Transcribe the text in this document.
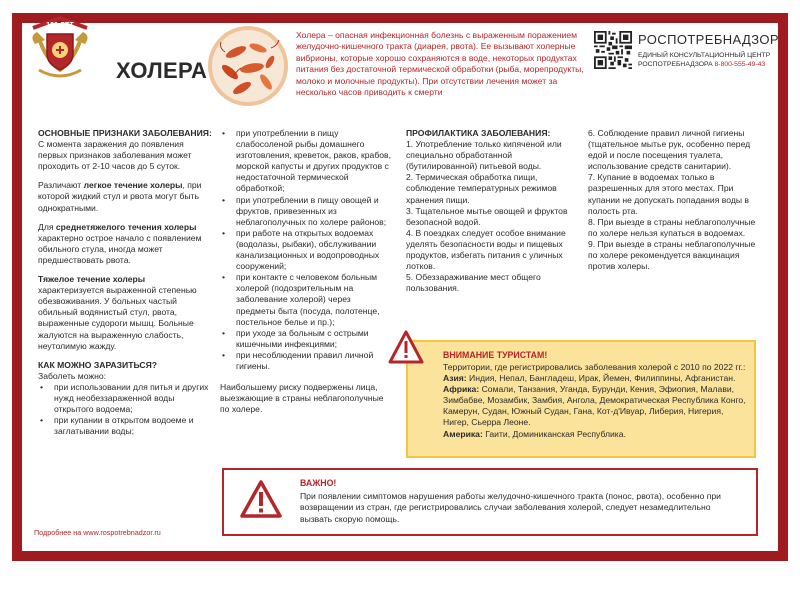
100 ЛЕТ
ХОЛЕРА
Холера – опасная инфекционная болезнь с выраженным поражением желудочно-кишечного тракта (диарея, рвота). Ее вызывают холерные вибрионы, которые хорошо сохраняются в воде, некоторых продуктах питания без достаточной термической обработки (рыба, морепродукты, молоко и молочные продукты). При отсутствии лечения может за несколько часов приводить к смерти
РОСПОТРЕБНАДЗОР
ЕДИНЫЙ КОНСУЛЬТАЦИОННЫЙ ЦЕНТР
РОСПОТРЕБНАДЗОРА 8-800-555-49-43
ОСНОВНЫЕ ПРИЗНАКИ ЗАБОЛЕВАНИЯ:

С момента заражения до появления первых признаков заболевания может проходить от 2-10 часов до 5 суток.

Различают легкое течение холеры, при которой жидкий стул и рвота могут быть однократными.

Для среднетяжелого течения холеры характерно острое начало с появлением обильного стула, иногда может предшествовать рвота.

Тяжелое течение холеры

характеризуется выраженной степенью обезвоживания. У больных частый обильный водянистый стул, рвота, выраженные судороги мышц. Больные жалуются на выраженную слабость, неутолимую жажду.

КАК МОЖНО ЗАРАЗИТЬСЯ?
Заболеть можно:
• при использовании для питья и других нужд необеззараженной воды открытого водоема;
• при купании в открытом водоеме и заглатывании воды;
• при употреблении в пищу слабосоленой рыбы домашнего изготовления, креветок, раков, крабов, морской капусты и других продуктов с недостаточной термической обработкой;
• при употреблении в пищу овощей и фруктов, привезенных из неблагополучных по холере районов;
• при работе на открытых водоемах (водолазы, рыбаки), обслуживании канализационных и водопроводных сооружений;
• при контакте с человеком больным холерой (подозрительным на заболевание холерой) через предметы быта (посуда, полотенце, постельное белье и пр.);
• при уходе за больным с острыми кишечными инфекциями;
• при несоблюдении правил личной гигиены.

Наибольшему риску подвержены лица, выезжающие в страны неблагополучные по холере.

ПРОФИЛАКТИКА ЗАБОЛЕВАНИЯ:
1. Употребление только кипяченой или специально обработанной (бутилированной) питьевой воды.
2. Термическая обработка пищи, соблюдение температурных режимов хранения пищи.
3. Тщательное мытье овощей и фруктов безопасной водой.
4. В поездках следует особое внимание уделять безопасности воды и пищевых продуктов, избегать питания с уличных лотков.
5. Обеззараживание мест общего пользования.
6. Соблюдение правил личной гигиены (тщательное мытье рук, особенно перед едой и после посещения туалета, использование средств санитарии).
7. Купание в водоемах только в разрешенных для этого местах. При купании не допускать попадания воды в полость рта.
8. При выезде в страны неблагополучные по холере нельзя купаться в водоемах.
9. При выезде в страны неблагополучные по холере рекомендуется вакцинация против холеры.
ВНИМАНИЕ ТУРИСТАМ!
Территории, где регистрировались заболевания холерой с 2010 по 2022 гг.:
Азия: Индия, Непал, Бангладеш, Ирак, Йемен, Филиппины, Афганистан.
Африка: Сомали, Танзания, Уганда, Бурунди, Кения, Эфиопия, Малави, Зимбабве, Мозамбик, Замбия, Ангола, Демократическая Республика Конго, Камерун, Судан, Южный Судан, Гана, Кот-д'Ивуар, Либерия, Нигерия, Нигер, Сьерра Леоне.
Америка: Гаити, Доминиканская Республика.
ВАЖНО!
При появлении симптомов нарушения работы желудочно-кишечного тракта (понос, рвота), особенно при возвращении из стран, где регистрировались случаи заболевания холерой, следует незамедлительно вызвать скорую помощь.
Подробнее на www.rospotrebnadzor.ru
